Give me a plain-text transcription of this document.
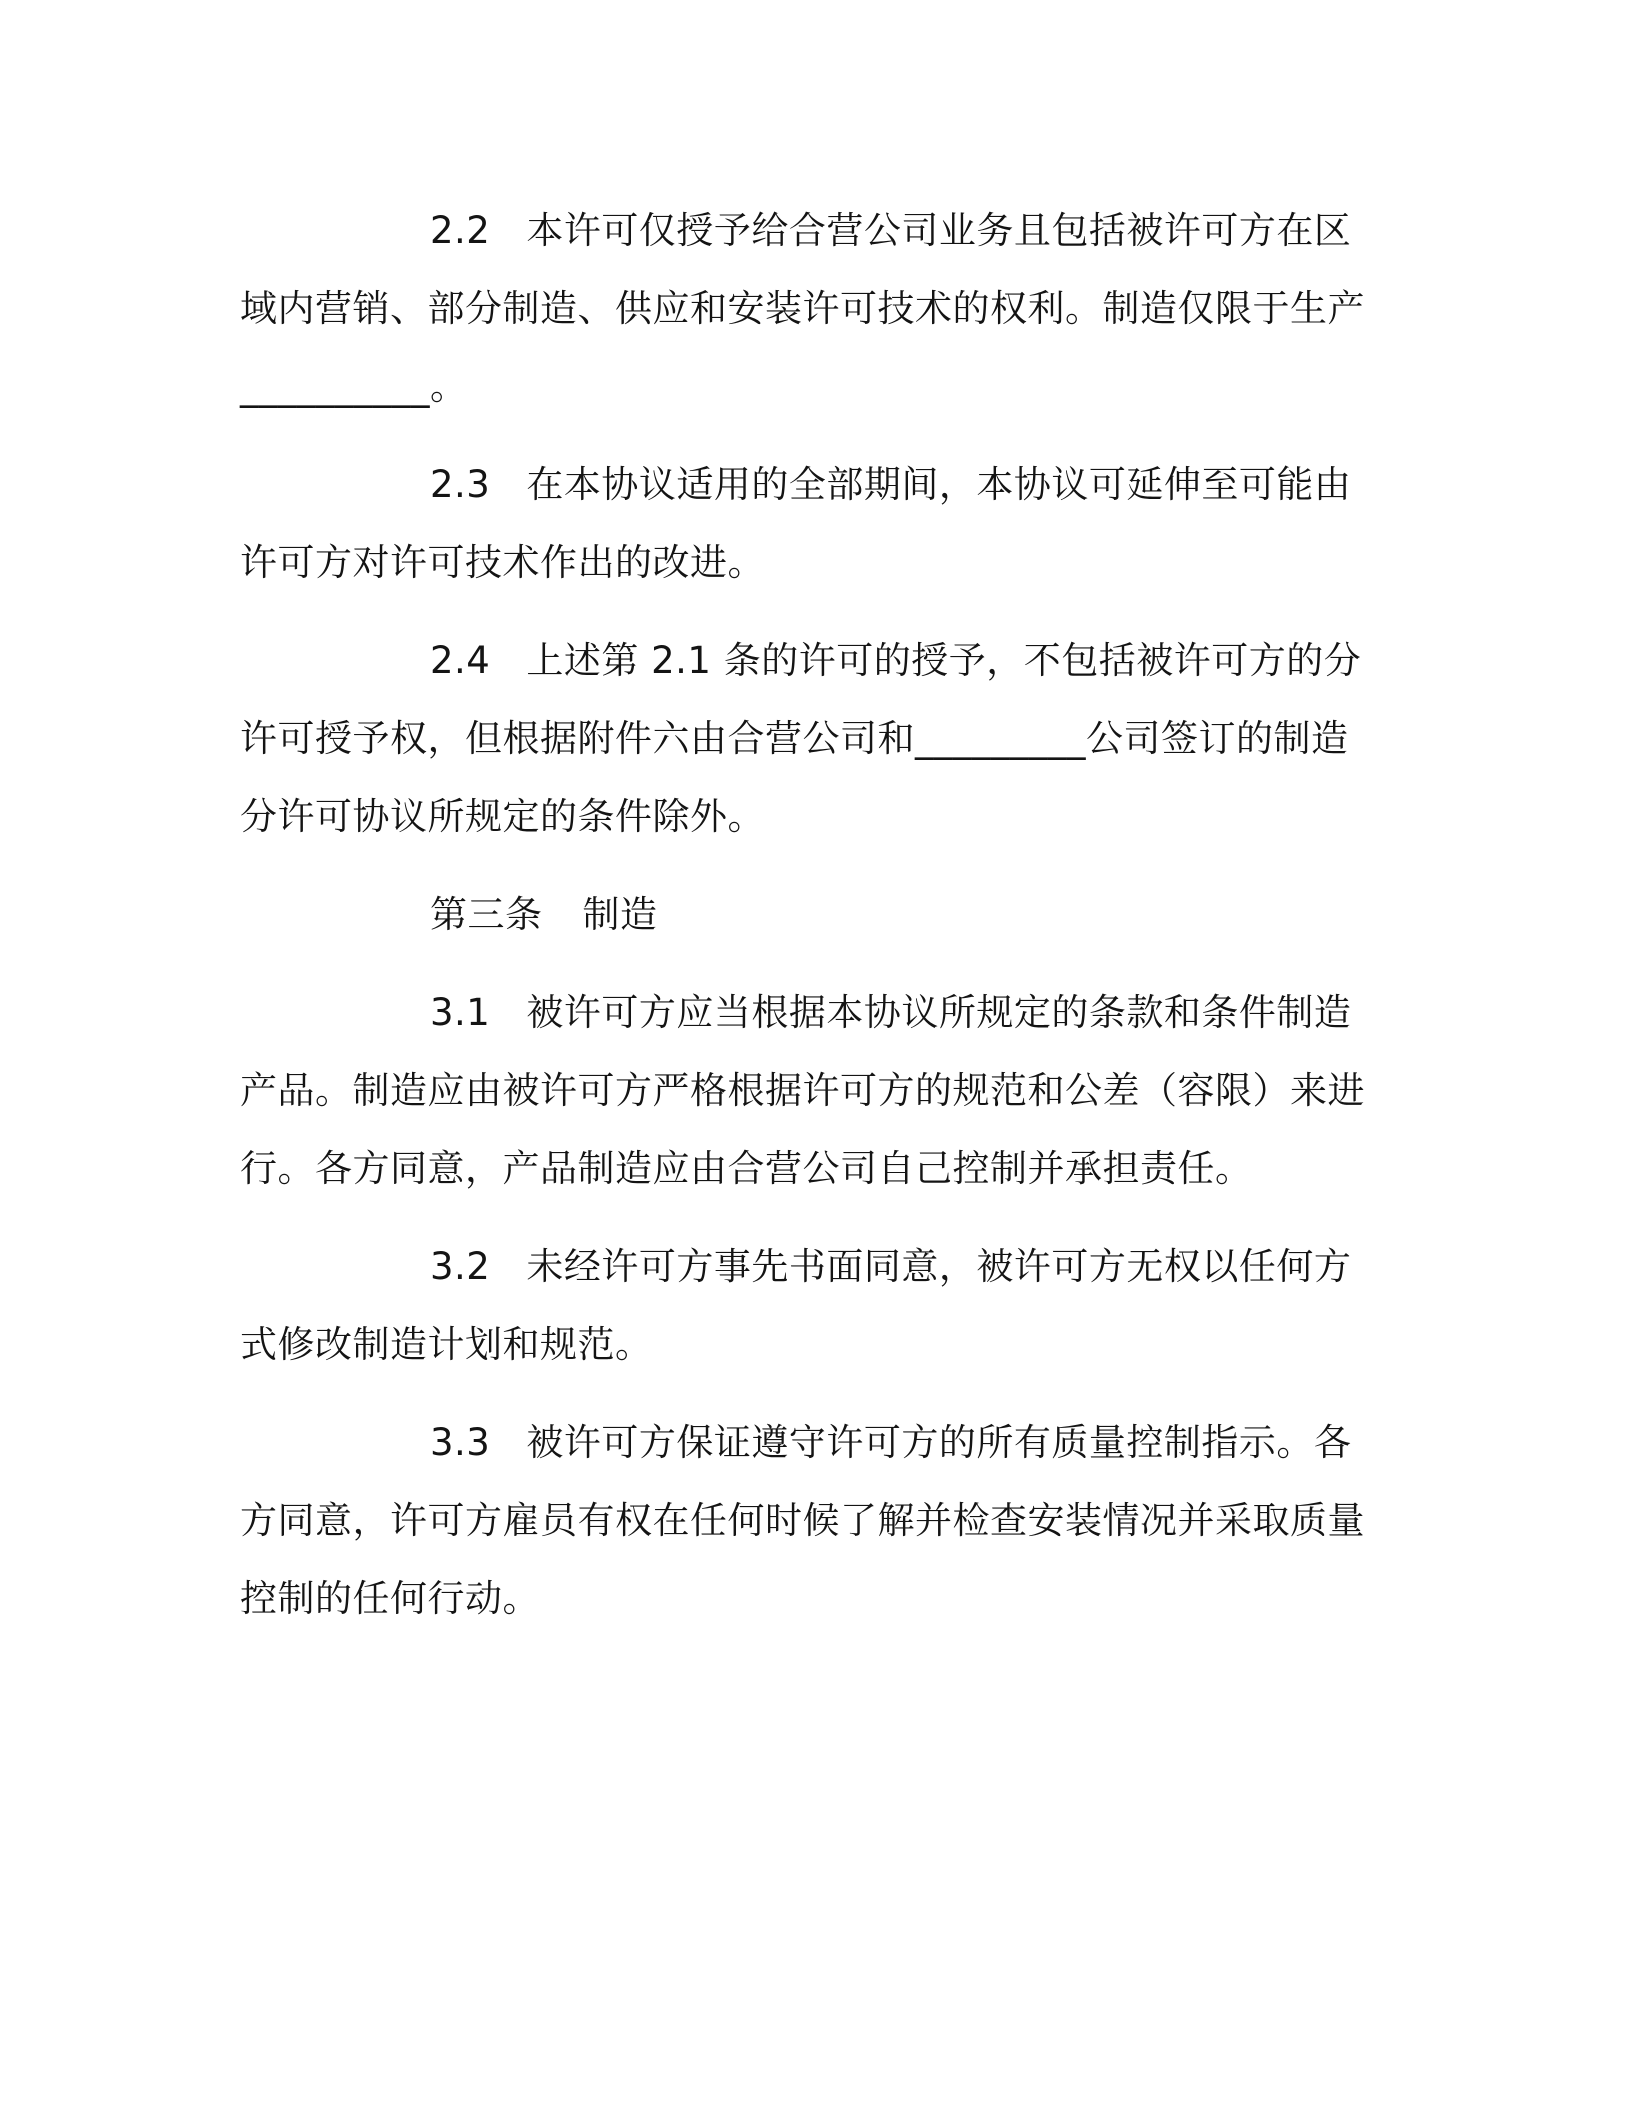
2.2 本许可仅授予给合营公司业务且包括被许可方在区域内营销、部分制造、供应和安装许可技术的权利。制造仅限于生产
__________。

2.3 在本协议适用的全部期间，本协议可延伸至可能由许可方对许可技术作出的改进。

2.4 上述第 2.1 条的许可的授予，不包括被许可方的分许可授予权，但根据附件六由合营公司和_________公司签订的制造分许可协议所规定的条件除外。

第三条 制造

3.1 被许可方应当根据本协议所规定的条款和条件制造产品。制造应由被许可方严格根据许可方的规范和公差（容限）来进行。各方同意，产品制造应由合营公司自己控制并承担责任。

3.2 未经许可方事先书面同意，被许可方无权以任何方式修改制造计划和规范。

3.3 被许可方保证遵守许可方的所有质量控制指示。各方同意，许可方雇员有权在任何时候了解并检查安装情况并采取质量控制的任何行动。
